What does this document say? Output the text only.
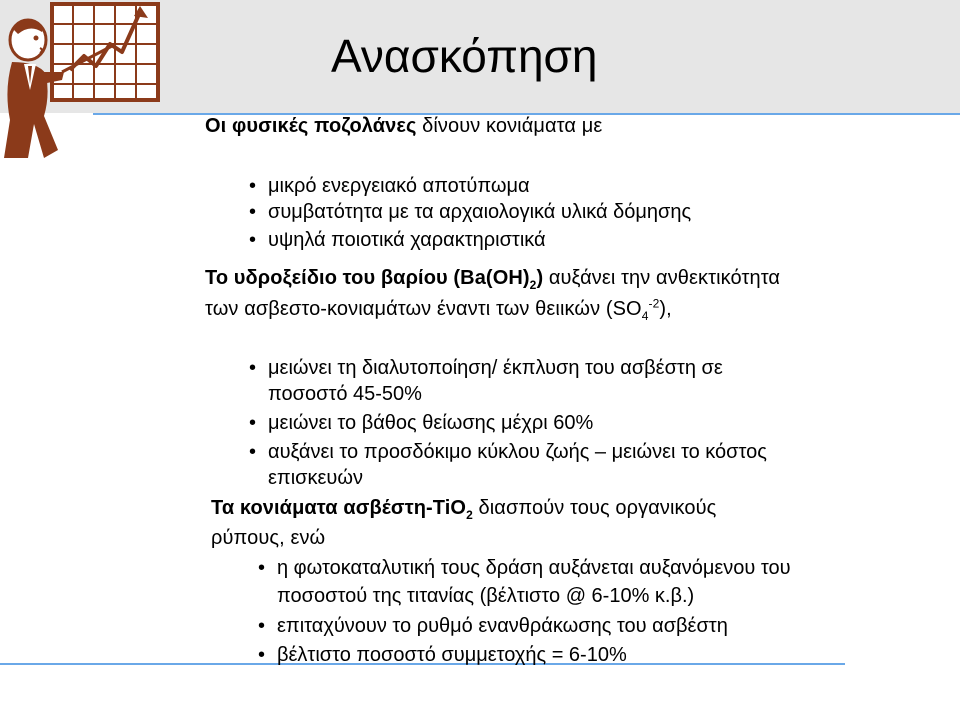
Ανασκόπηση
Οι φυσικές ποζολάνες δίνουν κονιάματα με
• μικρό ενεργειακό αποτύπωμα
• συμβατότητα με τα αρχαιολογικά υλικά δόμησης
• υψηλά ποιοτικά χαρακτηριστικά
Το υδροξείδιο του βαρίου $(Ba(OH)_2)$ αυξάνει την ανθεκτικότητα
των ασβεστο-κονιαμάτων έναντι των θειικών $(SO_4^{-2})$,
• μειώνει τη διαλυτοποίηση/ έκπλυση του ασβέστη σε
ποσοστό 45-50%
• μειώνει το βάθος θείωσης μέχρι 60%
• αυξάνει το προσδόκιμο κύκλου ζωής – μειώνει το κόστος
επισκευών
Τα κονιάματα ασβέστη-TiO$_2$ διασπούν τους οργανικούς
ρύπους, ενώ
• η φωτοκαταλυτική τους δράση αυξάνεται αυξανόμενου του
ποσοστού της τιτανίας (βέλτιστο @ 6-10% κ.β.)
• επιταχύνουν το ρυθμό ενανθράκωσης του ασβέστη
• βέλτιστο ποσοστό συμμετοχής = 6-10%
